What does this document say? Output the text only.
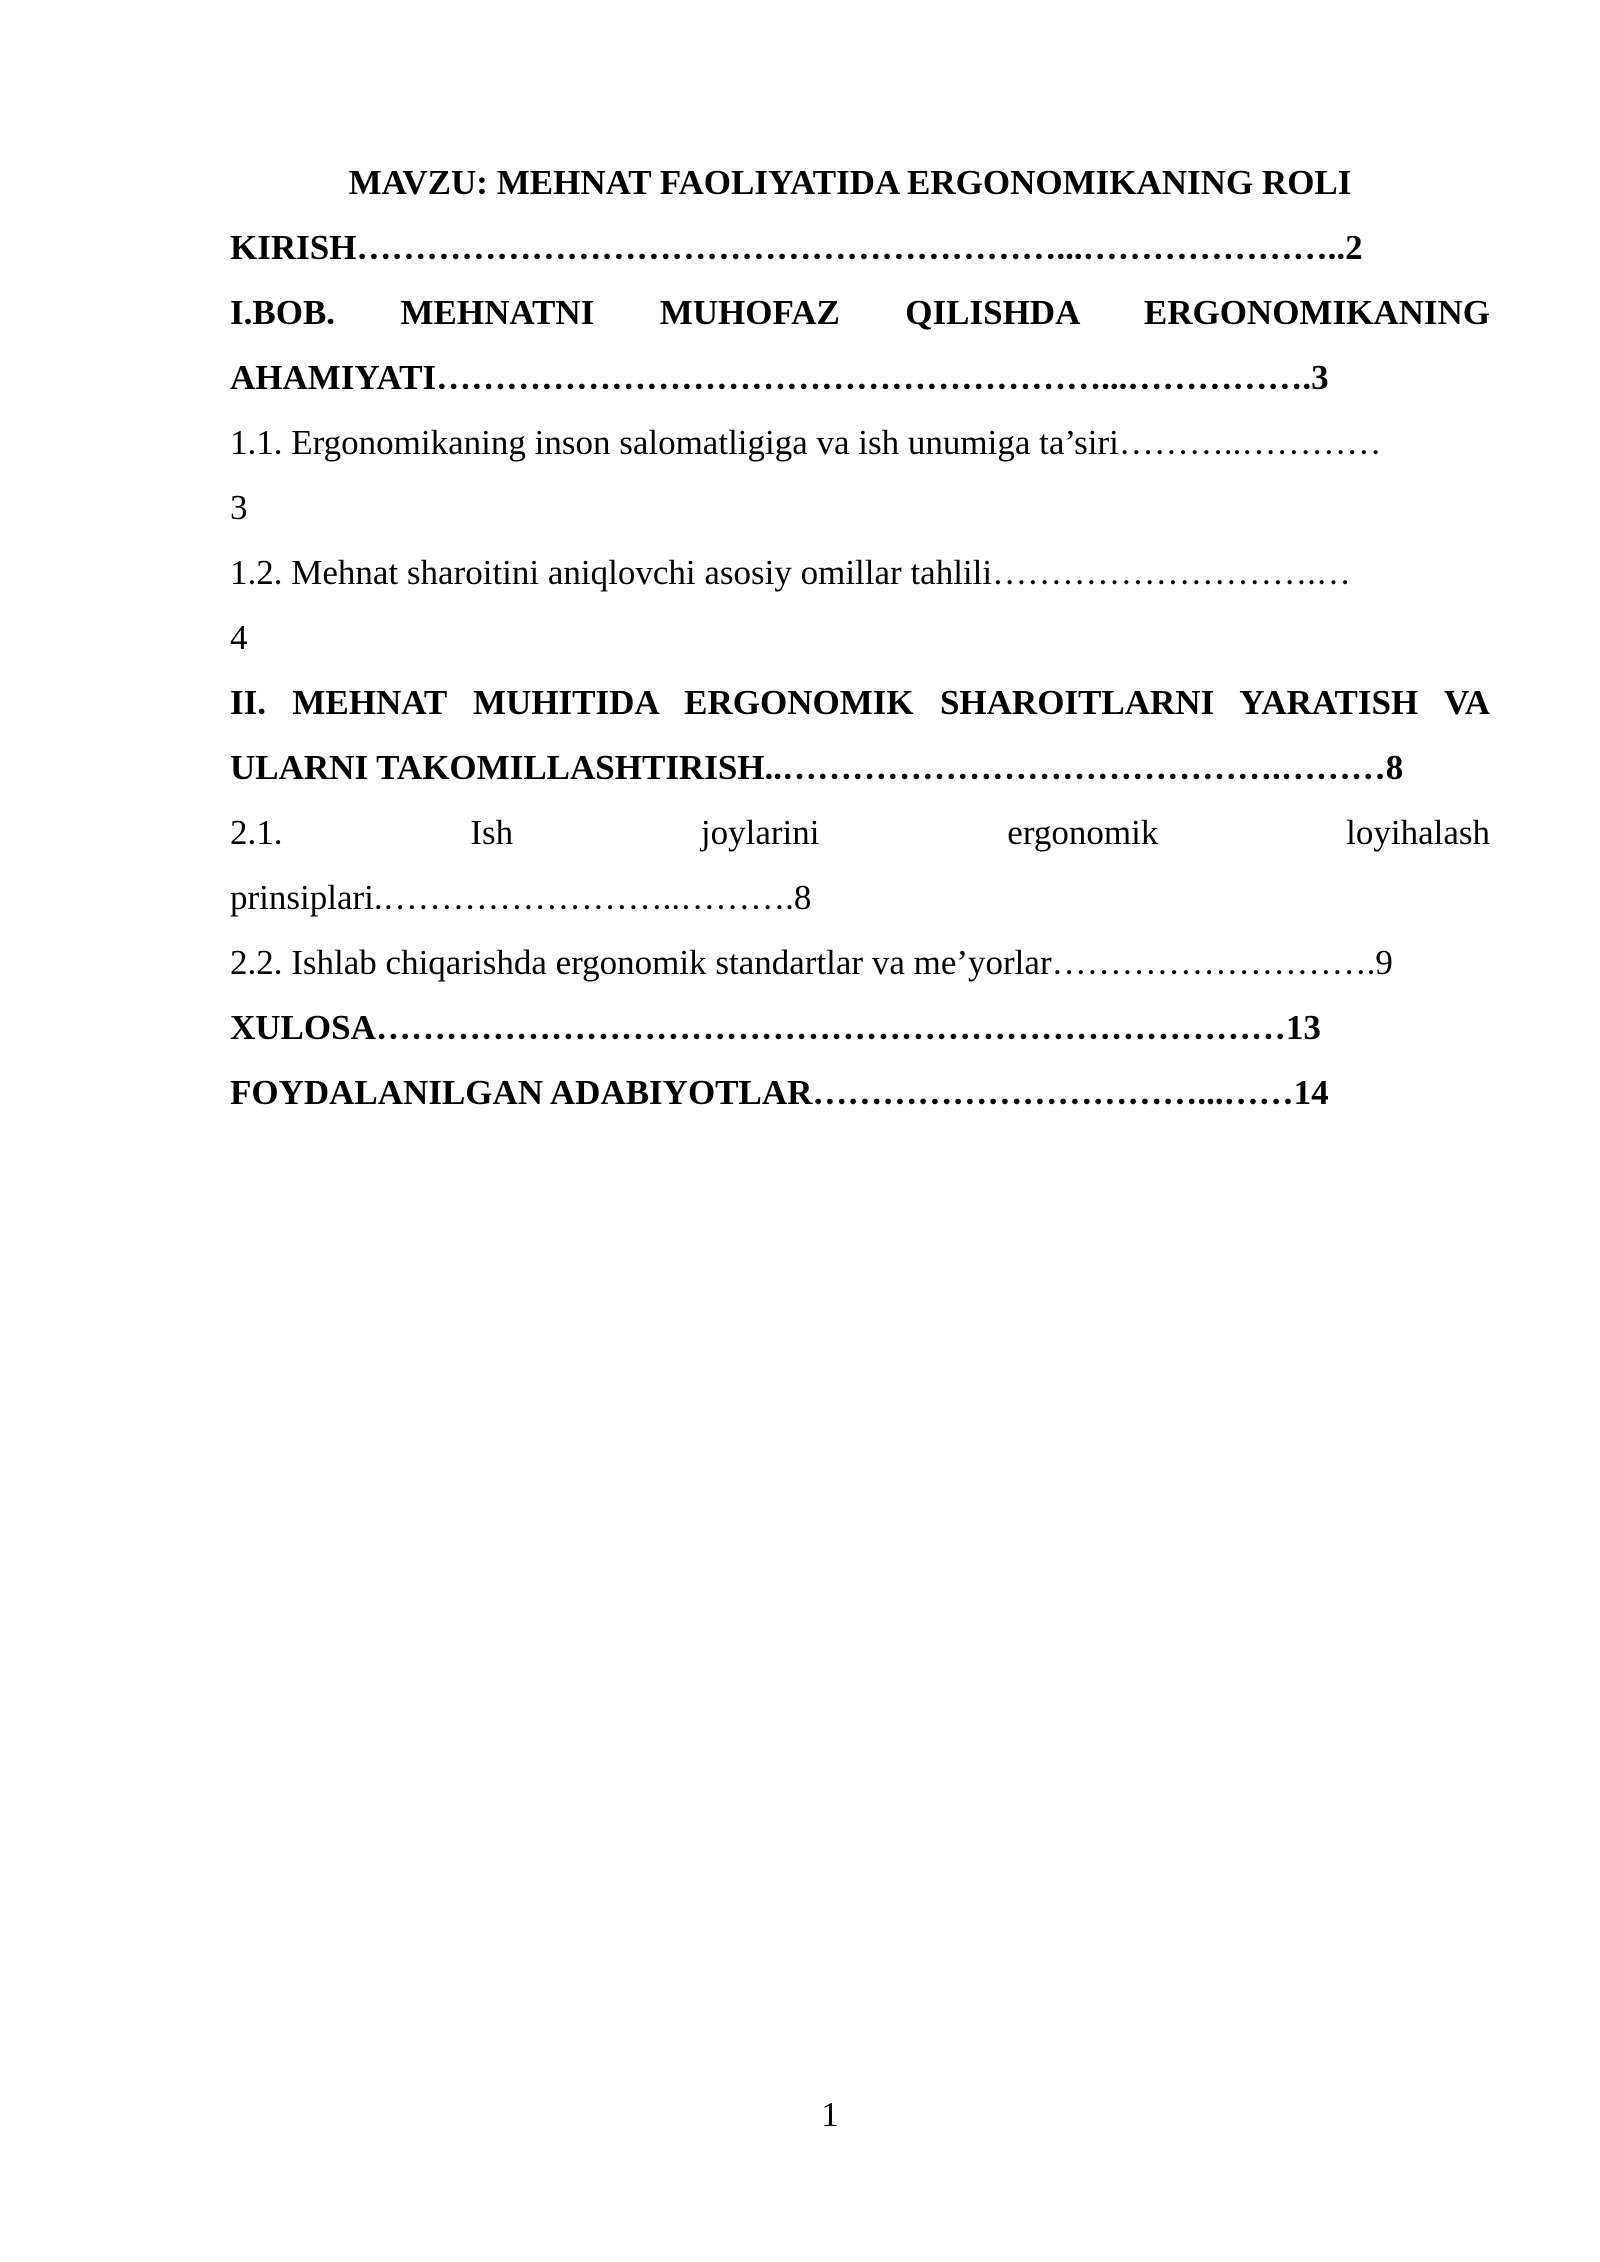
MAVZU: MEHNAT FAOLIYATIDA ERGONOMIKANING ROLI
KIRISH……………………………………………………...…………………..2
I.BOB. MEHNATNI MUHOFAZ QILISHDA ERGONOMIKANING
AHAMIYATI…………………………………………………...…………….3
1.1. Ergonomikaning inson salomatligiga va ish unumiga ta’siri………..…………
3
1.2. Mehnat sharoitini aniqlovchi asosiy omillar tahlili……………………….…
4
II. MEHNAT MUHITIDA ERGONOMIK SHAROITLARNI YARATISH VA
ULARNI TAKOMILLASHTIRISH..…………………………………….………8
2.1. Ish joylarini ergonomik loyihalash
prinsiplari.……………………..……….8
2.2. Ishlab chiqarishda ergonomik standartlar va me’yorlar……………………….9
XULOSA……………………………………………………………………13
FOYDALANILGAN ADABIYOTLAR……………………………...……14
1
